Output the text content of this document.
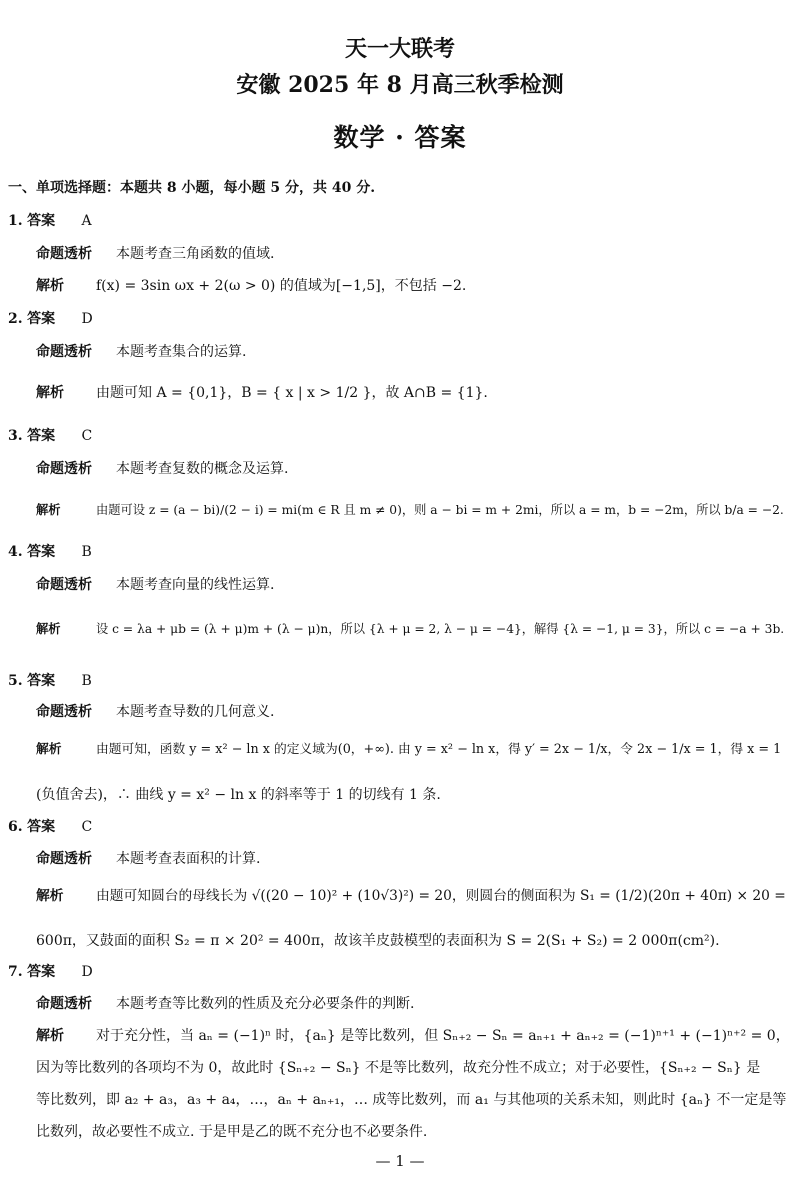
天一大联考
安徽 2025 年 8 月高三秋季检测
数学 · 答案
一、单项选择题：本题共 8 小题，每小题 5 分，共 40 分.
1. 答案 A
命题透析 本题考查三角函数的值域.
解析 f(x) = 3sin ωx + 2(ω > 0) 的值域为[−1,5]，不包括 −2.
2. 答案 D
命题透析 本题考查集合的运算.
解析 由题可知 A = {0,1}，B = { x | x > 1/2 }，故 A∩B = {1}.
3. 答案 C
命题透析 本题考查复数的概念及运算.
解析	由题可设 z = (a − bi)/(2 − i) = mi(m ∈ R 且 m ≠ 0)，则 a − bi = m + 2mi，所以 a = m，b = −2m，所以 b/a = −2.
4. 答案 B
命题透析 本题考查向量的线性运算.
解析	设 c = λa + μb = (λ + μ)m + (λ − μ)n，所以 {λ + μ = 2, λ − μ = −4}，解得 {λ = −1, μ = 3}，所以 c = −a + 3b.
5. 答案 B
命题透析 本题考查导数的几何意义.
解析	由题可知，函数 y = x² − ln x 的定义域为(0，+∞). 由 y = x² − ln x，得 y′ = 2x − 1/x，令 2x − 1/x = 1，得 x = 1
(负值舍去)，∴ 曲线 y = x² − ln x 的斜率等于 1 的切线有 1 条.
6. 答案 C
命题透析 本题考查表面积的计算.
解析 由题可知圆台的母线长为 √((20 − 10)² + (10√3)²) = 20，则圆台的侧面积为 S₁ = (1/2)(20π + 40π) × 20 =
600π，又鼓面的面积 S₂ = π × 20² = 400π，故该羊皮鼓模型的表面积为 S = 2(S₁ + S₂) = 2 000π(cm²).
7. 答案 D
命题透析 本题考查等比数列的性质及充分必要条件的判断.
解析 对于充分性，当 aₙ = (−1)ⁿ 时，{aₙ} 是等比数列，但 Sₙ₊₂ − Sₙ = aₙ₊₁ + aₙ₊₂ = (−1)ⁿ⁺¹ + (−1)ⁿ⁺² = 0，
因为等比数列的各项均不为 0，故此时 {Sₙ₊₂ − Sₙ} 不是等比数列，故充分性不成立；对于必要性，{Sₙ₊₂ − Sₙ} 是
等比数列，即 a₂ + a₃，a₃ + a₄，…，aₙ + aₙ₊₁，… 成等比数列，而 a₁ 与其他项的关系未知，则此时 {aₙ} 不一定是等
比数列，故必要性不成立. 于是甲是乙的既不充分也不必要条件.
— 1 —
